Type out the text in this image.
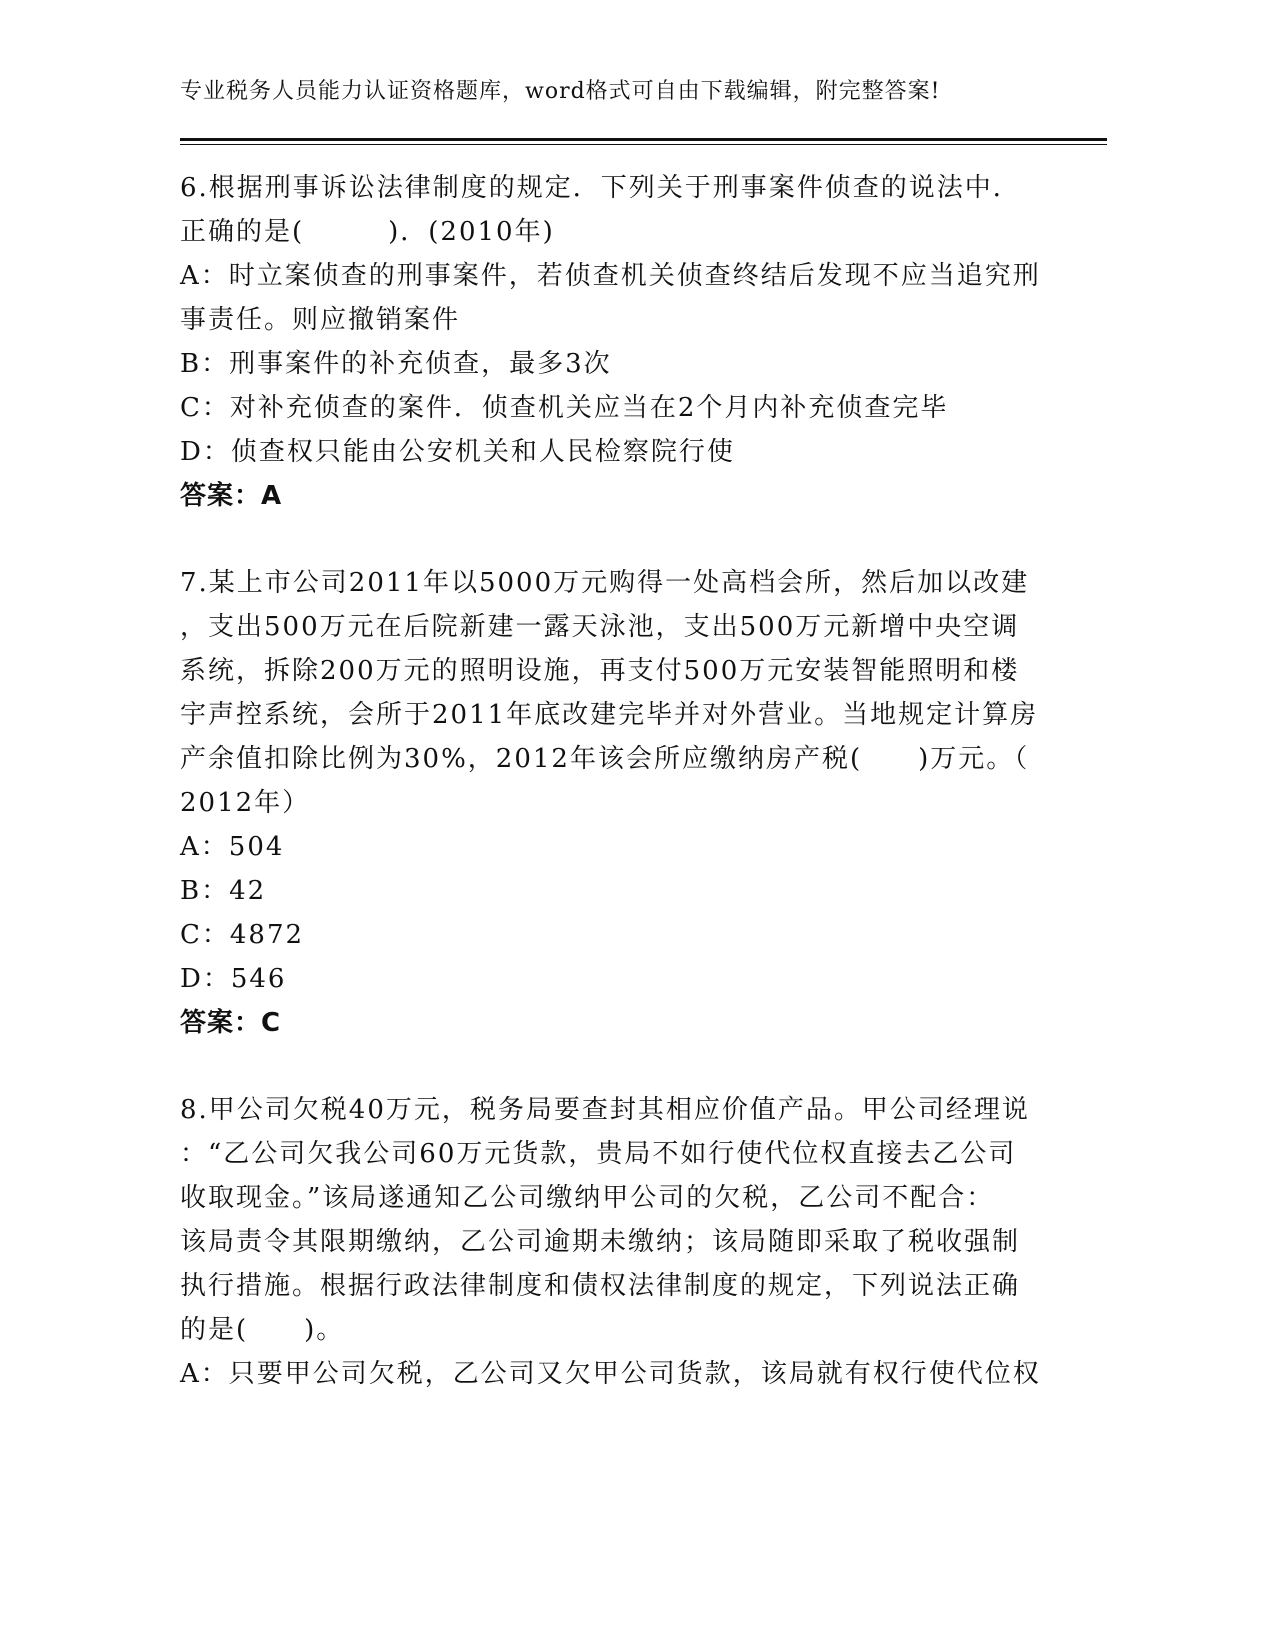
专业税务人员能力认证资格题库，word格式可自由下载编辑，附完整答案!
6.根据刑事诉讼法律制度的规定．下列关于刑事案件侦查的说法中．
正确的是(　　　)．(2010年)
A：时立案侦查的刑事案件，若侦查机关侦查终结后发现不应当追究刑
事责任。则应撤销案件
B：刑事案件的补充侦查，最多3次
C：对补充侦查的案件．侦查机关应当在2个月内补充侦查完毕
D：侦查权只能由公安机关和人民检察院行使
答案：A
7.某上市公司2011年以5000万元购得一处高档会所，然后加以改建
，支出500万元在后院新建一露天泳池，支出500万元新增中央空调
系统，拆除200万元的照明设施，再支付500万元安装智能照明和楼
宇声控系统，会所于2011年底改建完毕并对外营业。当地规定计算房
产余值扣除比例为30%，2012年该会所应缴纳房产税(　　)万元。（
2012年）
A：504
B：42
C：4872
D：546
答案：C
8.甲公司欠税40万元，税务局要查封其相应价值产品。甲公司经理说
：“乙公司欠我公司60万元货款，贵局不如行使代位权直接去乙公司
收取现金。”该局遂通知乙公司缴纳甲公司的欠税，乙公司不配合：
该局责令其限期缴纳，乙公司逾期未缴纳；该局随即采取了税收强制
执行措施。根据行政法律制度和债权法律制度的规定，下列说法正确
的是(　　)。
A：只要甲公司欠税，乙公司又欠甲公司货款，该局就有权行使代位权
